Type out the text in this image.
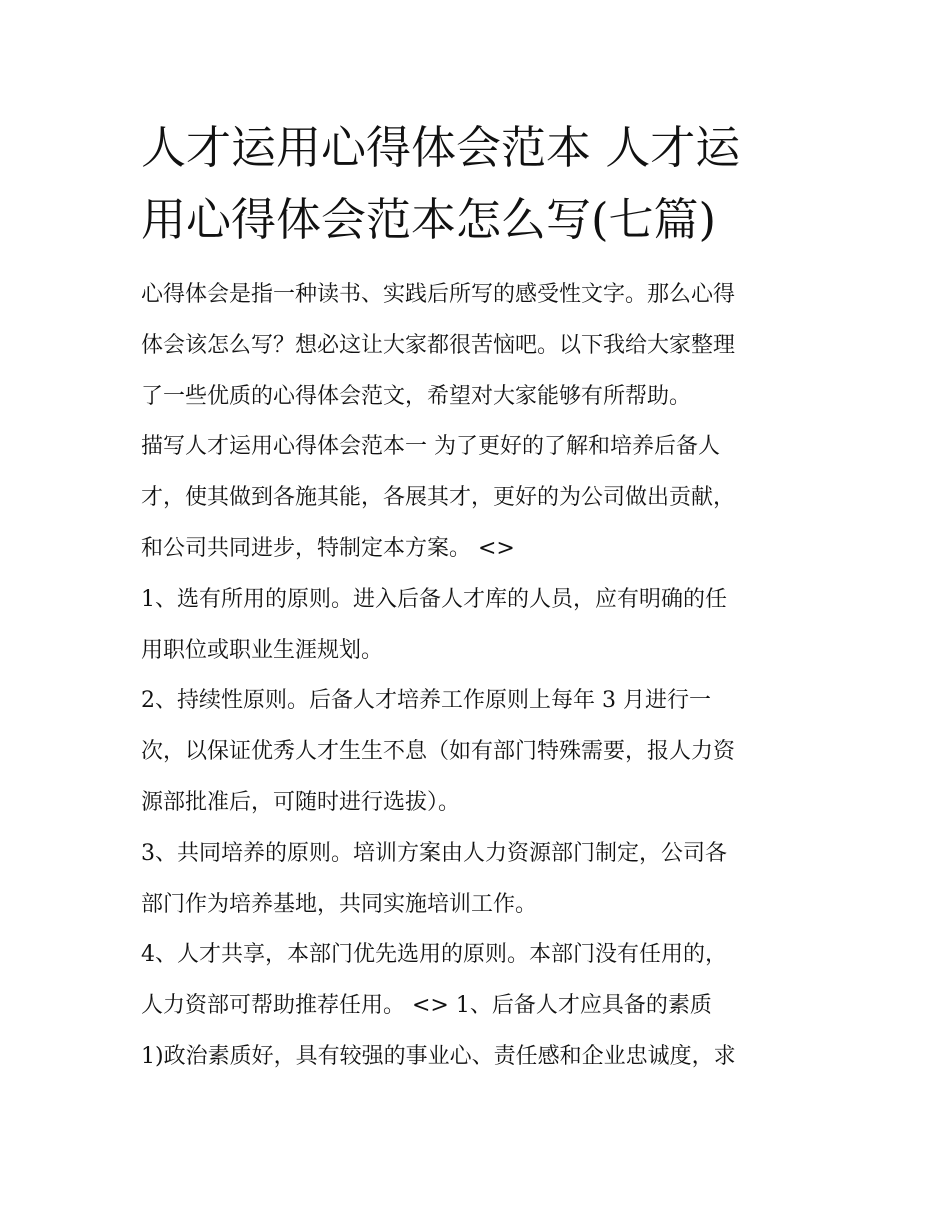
人才运用心得体会范本 人才运
用心得体会范本怎么写(七篇)

心得体会是指一种读书、实践后所写的感受性文字。那么心得
体会该怎么写？想必这让大家都很苦恼吧。以下我给大家整理
了一些优质的心得体会范文，希望对大家能够有所帮助。

描写人才运用心得体会范本一 为了更好的了解和培养后备人
才，使其做到各施其能，各展其才，更好的为公司做出贡献，
和公司共同进步，特制定本方案。 <>

1、选有所用的原则。进入后备人才库的人员，应有明确的任
用职位或职业生涯规划。

2、持续性原则。后备人才培养工作原则上每年 3 月进行一
次，以保证优秀人才生生不息（如有部门特殊需要，报人力资
源部批准后，可随时进行选拔）。

3、共同培养的原则。培训方案由人力资源部门制定，公司各
部门作为培养基地，共同实施培训工作。

4、人才共享，本部门优先选用的原则。本部门没有任用的，
人力资部可帮助推荐任用。 <> 1、后备人才应具备的素质

1)政治素质好，具有较强的事业心、责任感和企业忠诚度，求
